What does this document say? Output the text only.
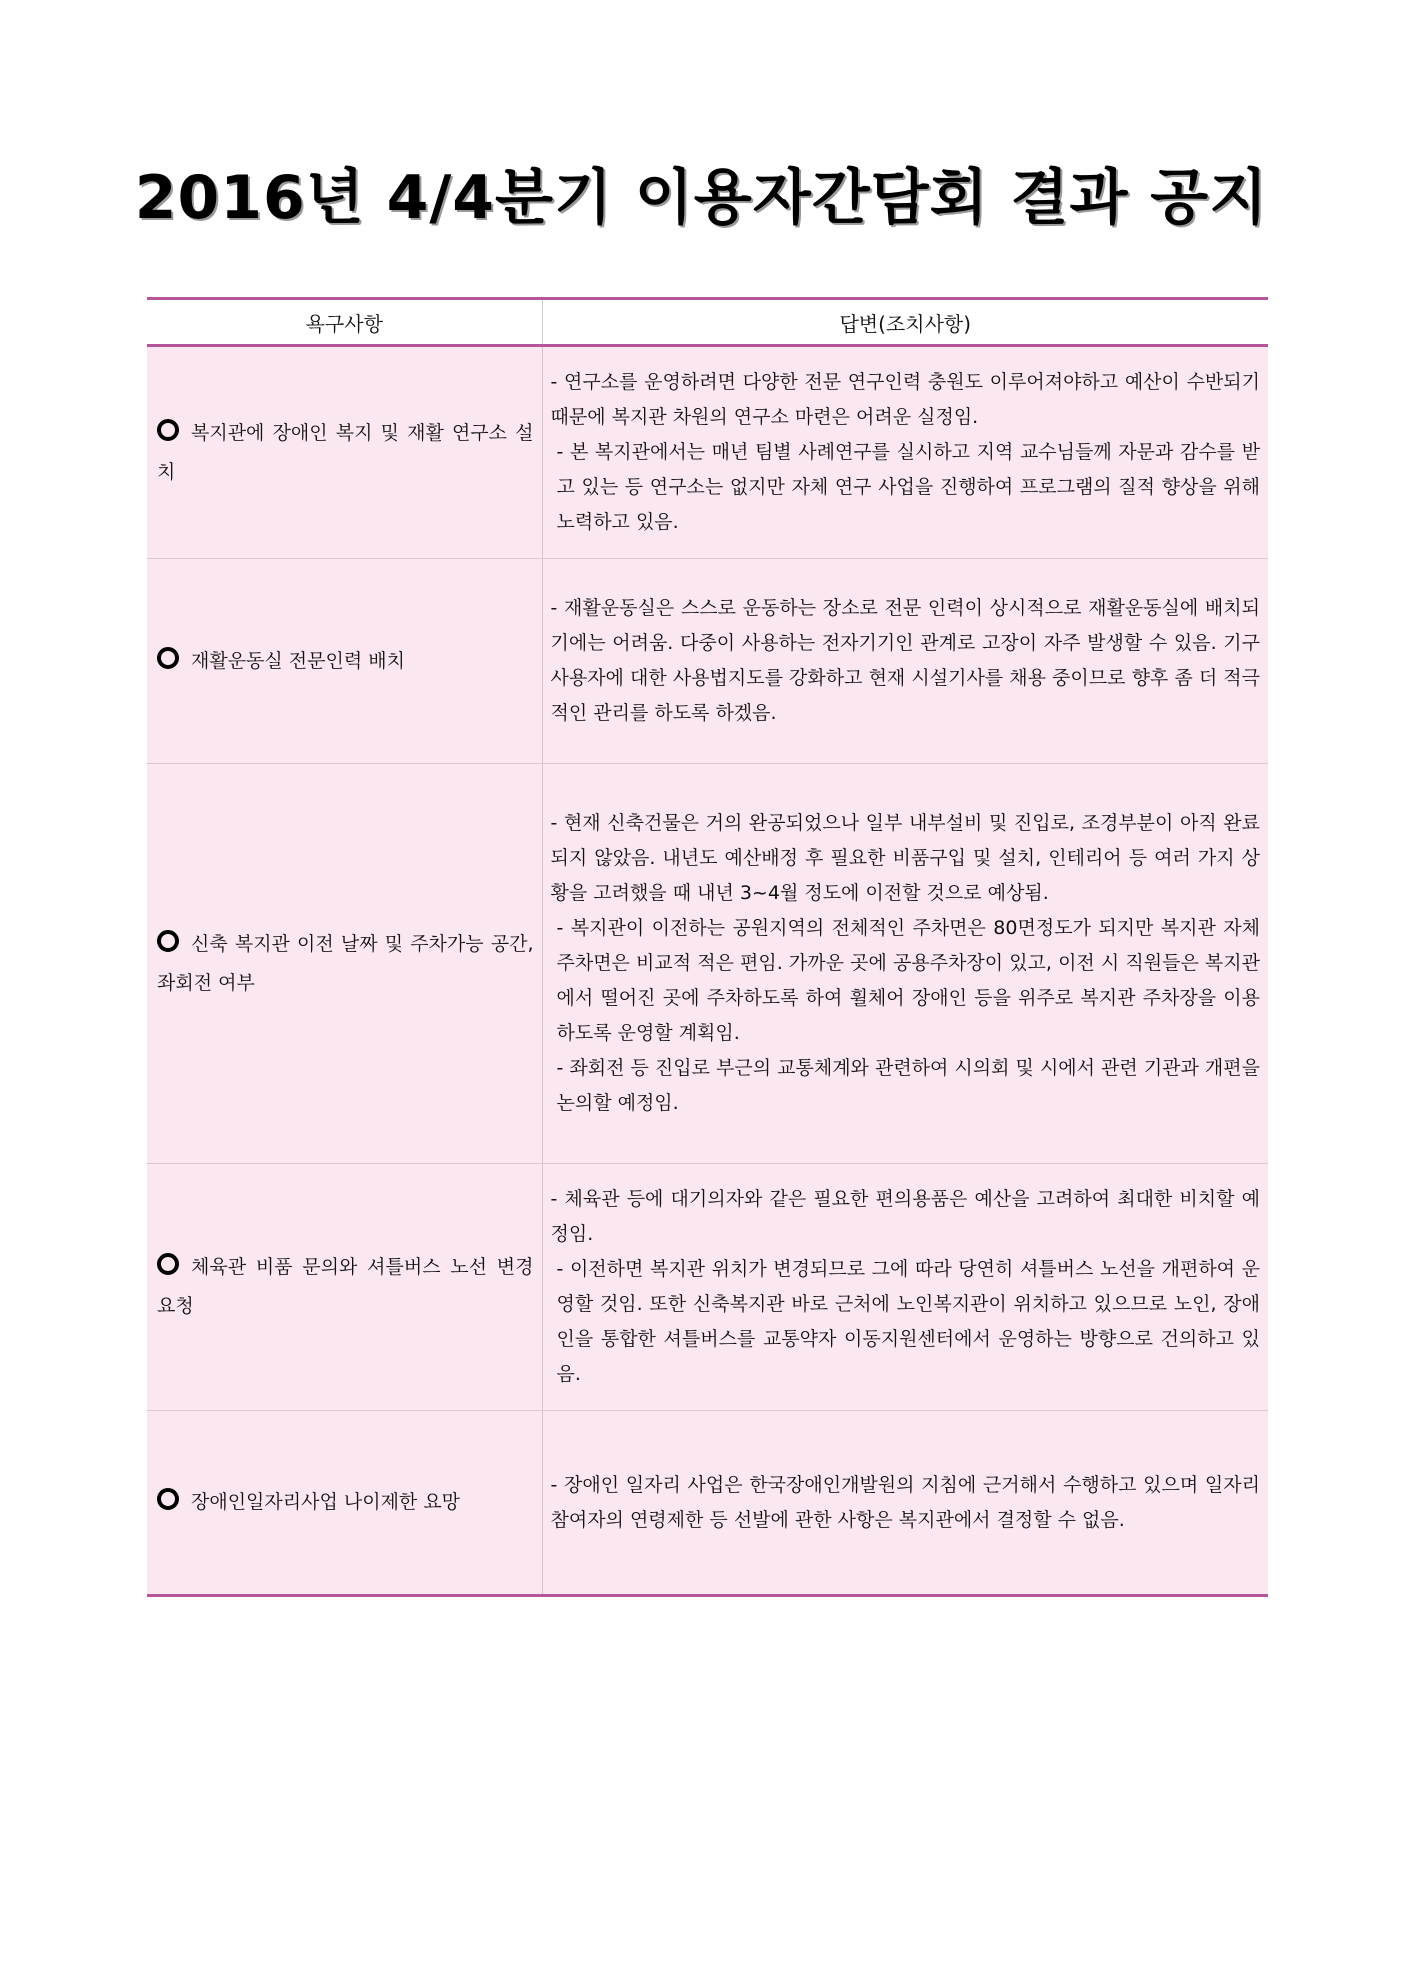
2016년 4/4분기 이용자간담회 결과 공지
욕구사항	답변(조치사항)
복지관에 장애인 복지 및 재활 연구소 설치	- 연구소를 운영하려면 다양한 전문 연구인력 충원도 이루어져야하고 예산이 수반되기 때문에 복지관 차원의 연구소 마련은 어려운 실정임.
- 본 복지관에서는 매년 팀별 사례연구를 실시하고 지역 교수님들께 자문과 감수를 받고 있는 등 연구소는 없지만 자체 연구 사업을 진행하여 프로그램의 질적 향상을 위해 노력하고 있음.

재활운동실 전문인력 배치	- 재활운동실은 스스로 운동하는 장소로 전문 인력이 상시적으로 재활운동실에 배치되기에는 어려움. 다중이 사용하는 전자기기인 관계로 고장이 자주 발생할 수 있음. 기구 사용자에 대한 사용법지도를 강화하고 현재 시설기사를 채용 중이므로 향후 좀 더 적극적인 관리를 하도록 하겠음.

신축 복지관 이전 날짜 및 주차가능 공간, 좌회전 여부	- 현재 신축건물은 거의 완공되었으나 일부 내부설비 및 진입로, 조경부분이 아직 완료되지 않았음. 내년도 예산배정 후 필요한 비품구입 및 설치, 인테리어 등 여러 가지 상황을 고려했을 때 내년 3~4월 정도에 이전할 것으로 예상됨.
- 복지관이 이전하는 공원지역의 전체적인 주차면은 80면정도가 되지만 복지관 자체 주차면은 비교적 적은 편임. 가까운 곳에 공용주차장이 있고, 이전 시 직원들은 복지관에서 떨어진 곳에 주차하도록 하여 휠체어 장애인 등을 위주로 복지관 주차장을 이용하도록 운영할 계획임.
- 좌회전 등 진입로 부근의 교통체계와 관련하여 시의회 및 시에서 관련 기관과 개편을 논의할 예정임.

체육관 비품 문의와 셔틀버스 노선 변경 요청	- 체육관 등에 대기의자와 같은 필요한 편의용품은 예산을 고려하여 최대한 비치할 예정임.
- 이전하면 복지관 위치가 변경되므로 그에 따라 당연히 셔틀버스 노선을 개편하여 운영할 것임. 또한 신축복지관 바로 근처에 노인복지관이 위치하고 있으므로 노인, 장애인을 통합한 셔틀버스를 교통약자 이동지원센터에서 운영하는 방향으로 건의하고 있음.

장애인일자리사업 나이제한 요망	- 장애인 일자리 사업은 한국장애인개발원의 지침에 근거해서 수행하고 있으며 일자리 참여자의 연령제한 등 선발에 관한 사항은 복지관에서 결정할 수 없음.
